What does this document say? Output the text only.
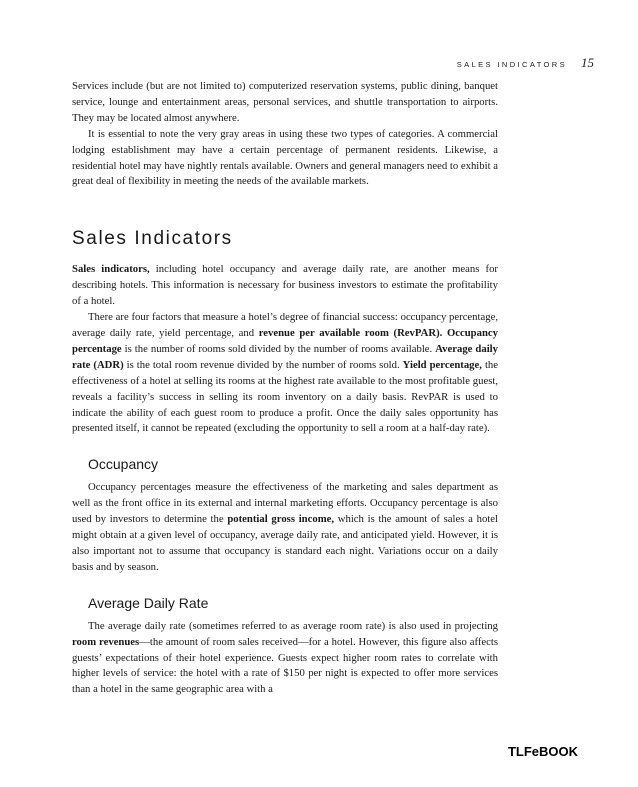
SALES INDICATORS 15

Services include (but are not limited to) computerized reservation systems, public dining, banquet service, lounge and entertainment areas, personal services, and shuttle transportation to airports. They may be located almost anywhere.

It is essential to note the very gray areas in using these two types of categories. A commercial lodging establishment may have a certain percentage of permanent residents. Likewise, a residential hotel may have nightly rentals available. Owners and general managers need to exhibit a great deal of flexibility in meeting the needs of the available markets.

Sales Indicators

Sales indicators, including hotel occupancy and average daily rate, are another means for describing hotels. This information is necessary for business investors to estimate the profitability of a hotel.

There are four factors that measure a hotel’s degree of financial success: occupancy percentage, average daily rate, yield percentage, and revenue per available room (RevPAR). Occupancy percentage is the number of rooms sold divided by the number of rooms available. Average daily rate (ADR) is the total room revenue divided by the number of rooms sold. Yield percentage, the effectiveness of a hotel at selling its rooms at the highest rate available to the most profitable guest, reveals a facility’s success in selling its room inventory on a daily basis. RevPAR is used to indicate the ability of each guest room to produce a profit. Once the daily sales opportunity has presented itself, it cannot be repeated (excluding the opportunity to sell a room at a half-day rate).

Occupancy

Occupancy percentages measure the effectiveness of the marketing and sales department as well as the front office in its external and internal marketing efforts. Occupancy percentage is also used by investors to determine the potential gross income, which is the amount of sales a hotel might obtain at a given level of occupancy, average daily rate, and anticipated yield. However, it is also important not to assume that occupancy is standard each night. Variations occur on a daily basis and by season.

Average Daily Rate

The average daily rate (sometimes referred to as average room rate) is also used in projecting room revenues—the amount of room sales received—for a hotel. However, this figure also affects guests’ expectations of their hotel experience. Guests expect higher room rates to correlate with higher levels of service: the hotel with a rate of $150 per night is expected to offer more services than a hotel in the same geographic area with a

TLFeBOOK
